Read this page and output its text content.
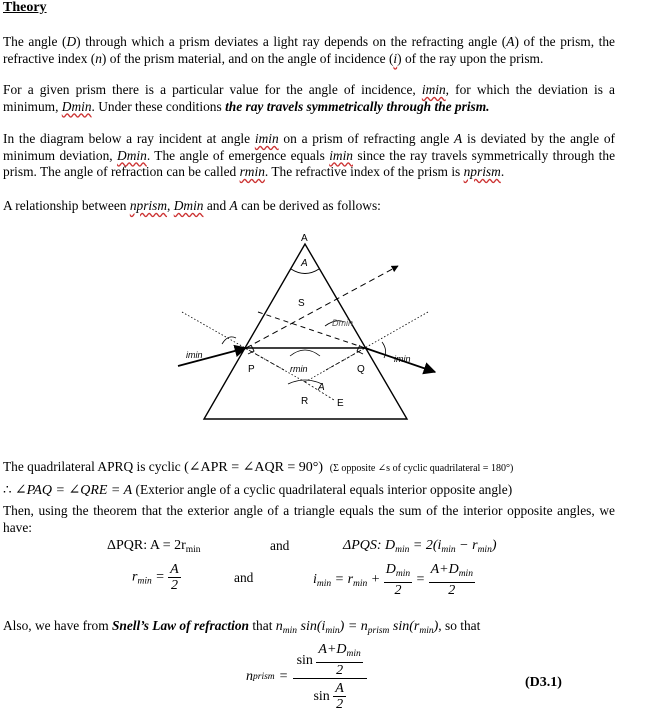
Theory
The angle (D) through which a prism deviates a light ray depends on the refracting angle (A) of the prism, the refractive index (n) of the prism material, and on the angle of incidence (i) of the ray upon the prism.
For a given prism there is a particular value for the angle of incidence, imin, for which the deviation is a minimum, Dmin. Under these conditions the ray travels symmetrically through the prism.
In the diagram below a ray incident at angle imin on a prism of refracting angle A is deviated by the angle of minimum deviation, Dmin. The angle of emergence equals imin since the ray travels symmetrically through the prism. The angle of refraction can be called rmin. The refractive index of the prism is nprism.
A relationship between nprism, Dmin and A can be derived as follows:
A
A
S
Dmin
imin	imin
P	Q
rmin
A
R	E
The quadrilateral APRQ is cyclic (∠APR = ∠AQR = 90°) (Σ opposite ∠s of cyclic quadrilateral = 180°)
∴ ∠PAQ = ∠QRE = A (Exterior angle of a cyclic quadrilateral equals interior opposite angle)
Then, using the theorem that the exterior angle of a triangle equals the sum of the interior opposite angles, we have:
ΔPQR: $A = 2r_{min}$	and	ΔPQS: $D_{min} = 2(i_{min} - r_{min})$
$r_{min} = \frac{A}{2}$	and	$i_{min} = r_{min}$ +
$D_{min}$
2
=
$A+D_{min}$
2
Also, we have from Snell’s Law of refraction that $n_{min}$ $\sin(i_{min}) = n_{prism}$ $\sin(r_{min})$, so that
n prism =
sin

$A+D_{min}$
2
sin

A
2
(D3.1)
